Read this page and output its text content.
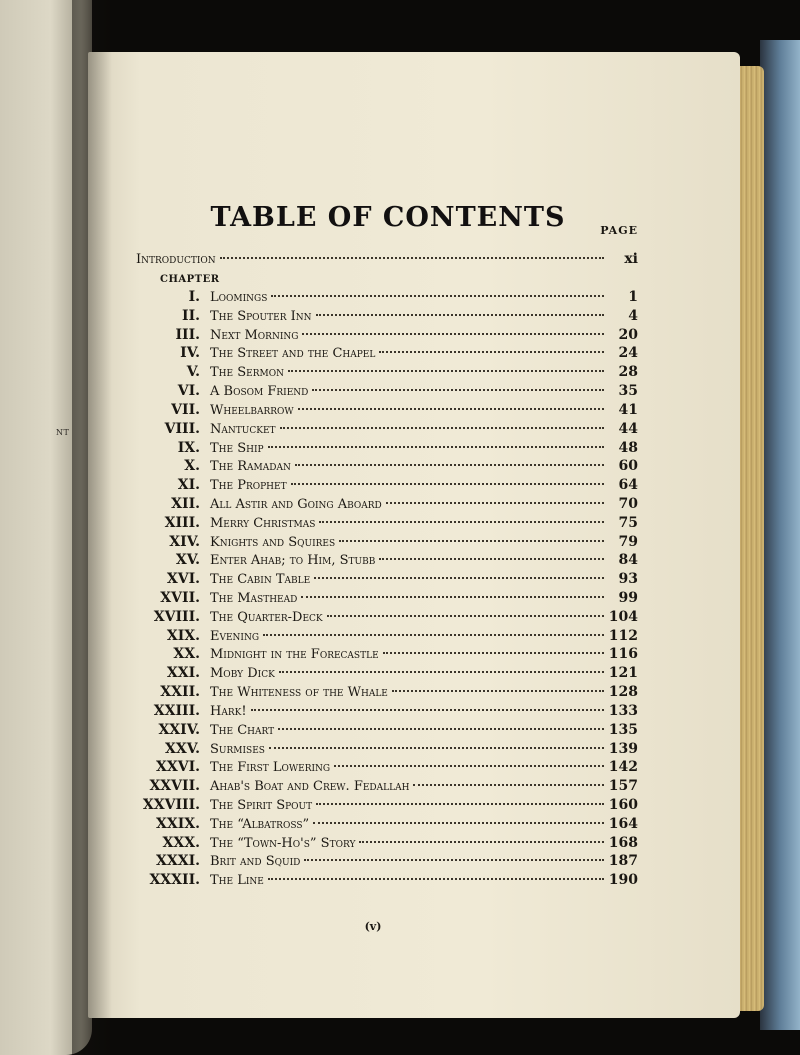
NT
TABLE OF CONTENTS	PAGE
Introduction	xi
CHAPTER
I. Loomings	1
II. The Spouter Inn	4
III. Next Morning	20
IV. The Street and the Chapel	24
V. The Sermon	28
VI. A Bosom Friend	35
VII. Wheelbarrow	41
VIII. Nantucket	44
IX. The Ship	48
X. The Ramadan	60
XI. The Prophet	64
XII. All Astir and Going Aboard	70
XIII. Merry Christmas	75
XIV. Knights and Squires	79
XV. Enter Ahab; to Him, Stubb	84
XVI. The Cabin Table	93
XVII. The Masthead	99
XVIII. The Quarter-Deck	104
XIX. Evening	112
XX. Midnight in the Forecastle	116
XXI. Moby Dick	121
XXII. The Whiteness of the Whale	128
XXIII. Hark!	133
XXIV. The Chart	135
XXV. Surmises	139
XXVI. The First Lowering	142
XXVII. Ahab's Boat and Crew. Fedallah	157
XXVIII. The Spirit Spout	160
XXIX. The “Albatross”	164
XXX. The “Town-Ho's” Story	168
XXXI. Brit and Squid	187
XXXII. The Line	190
(v)
